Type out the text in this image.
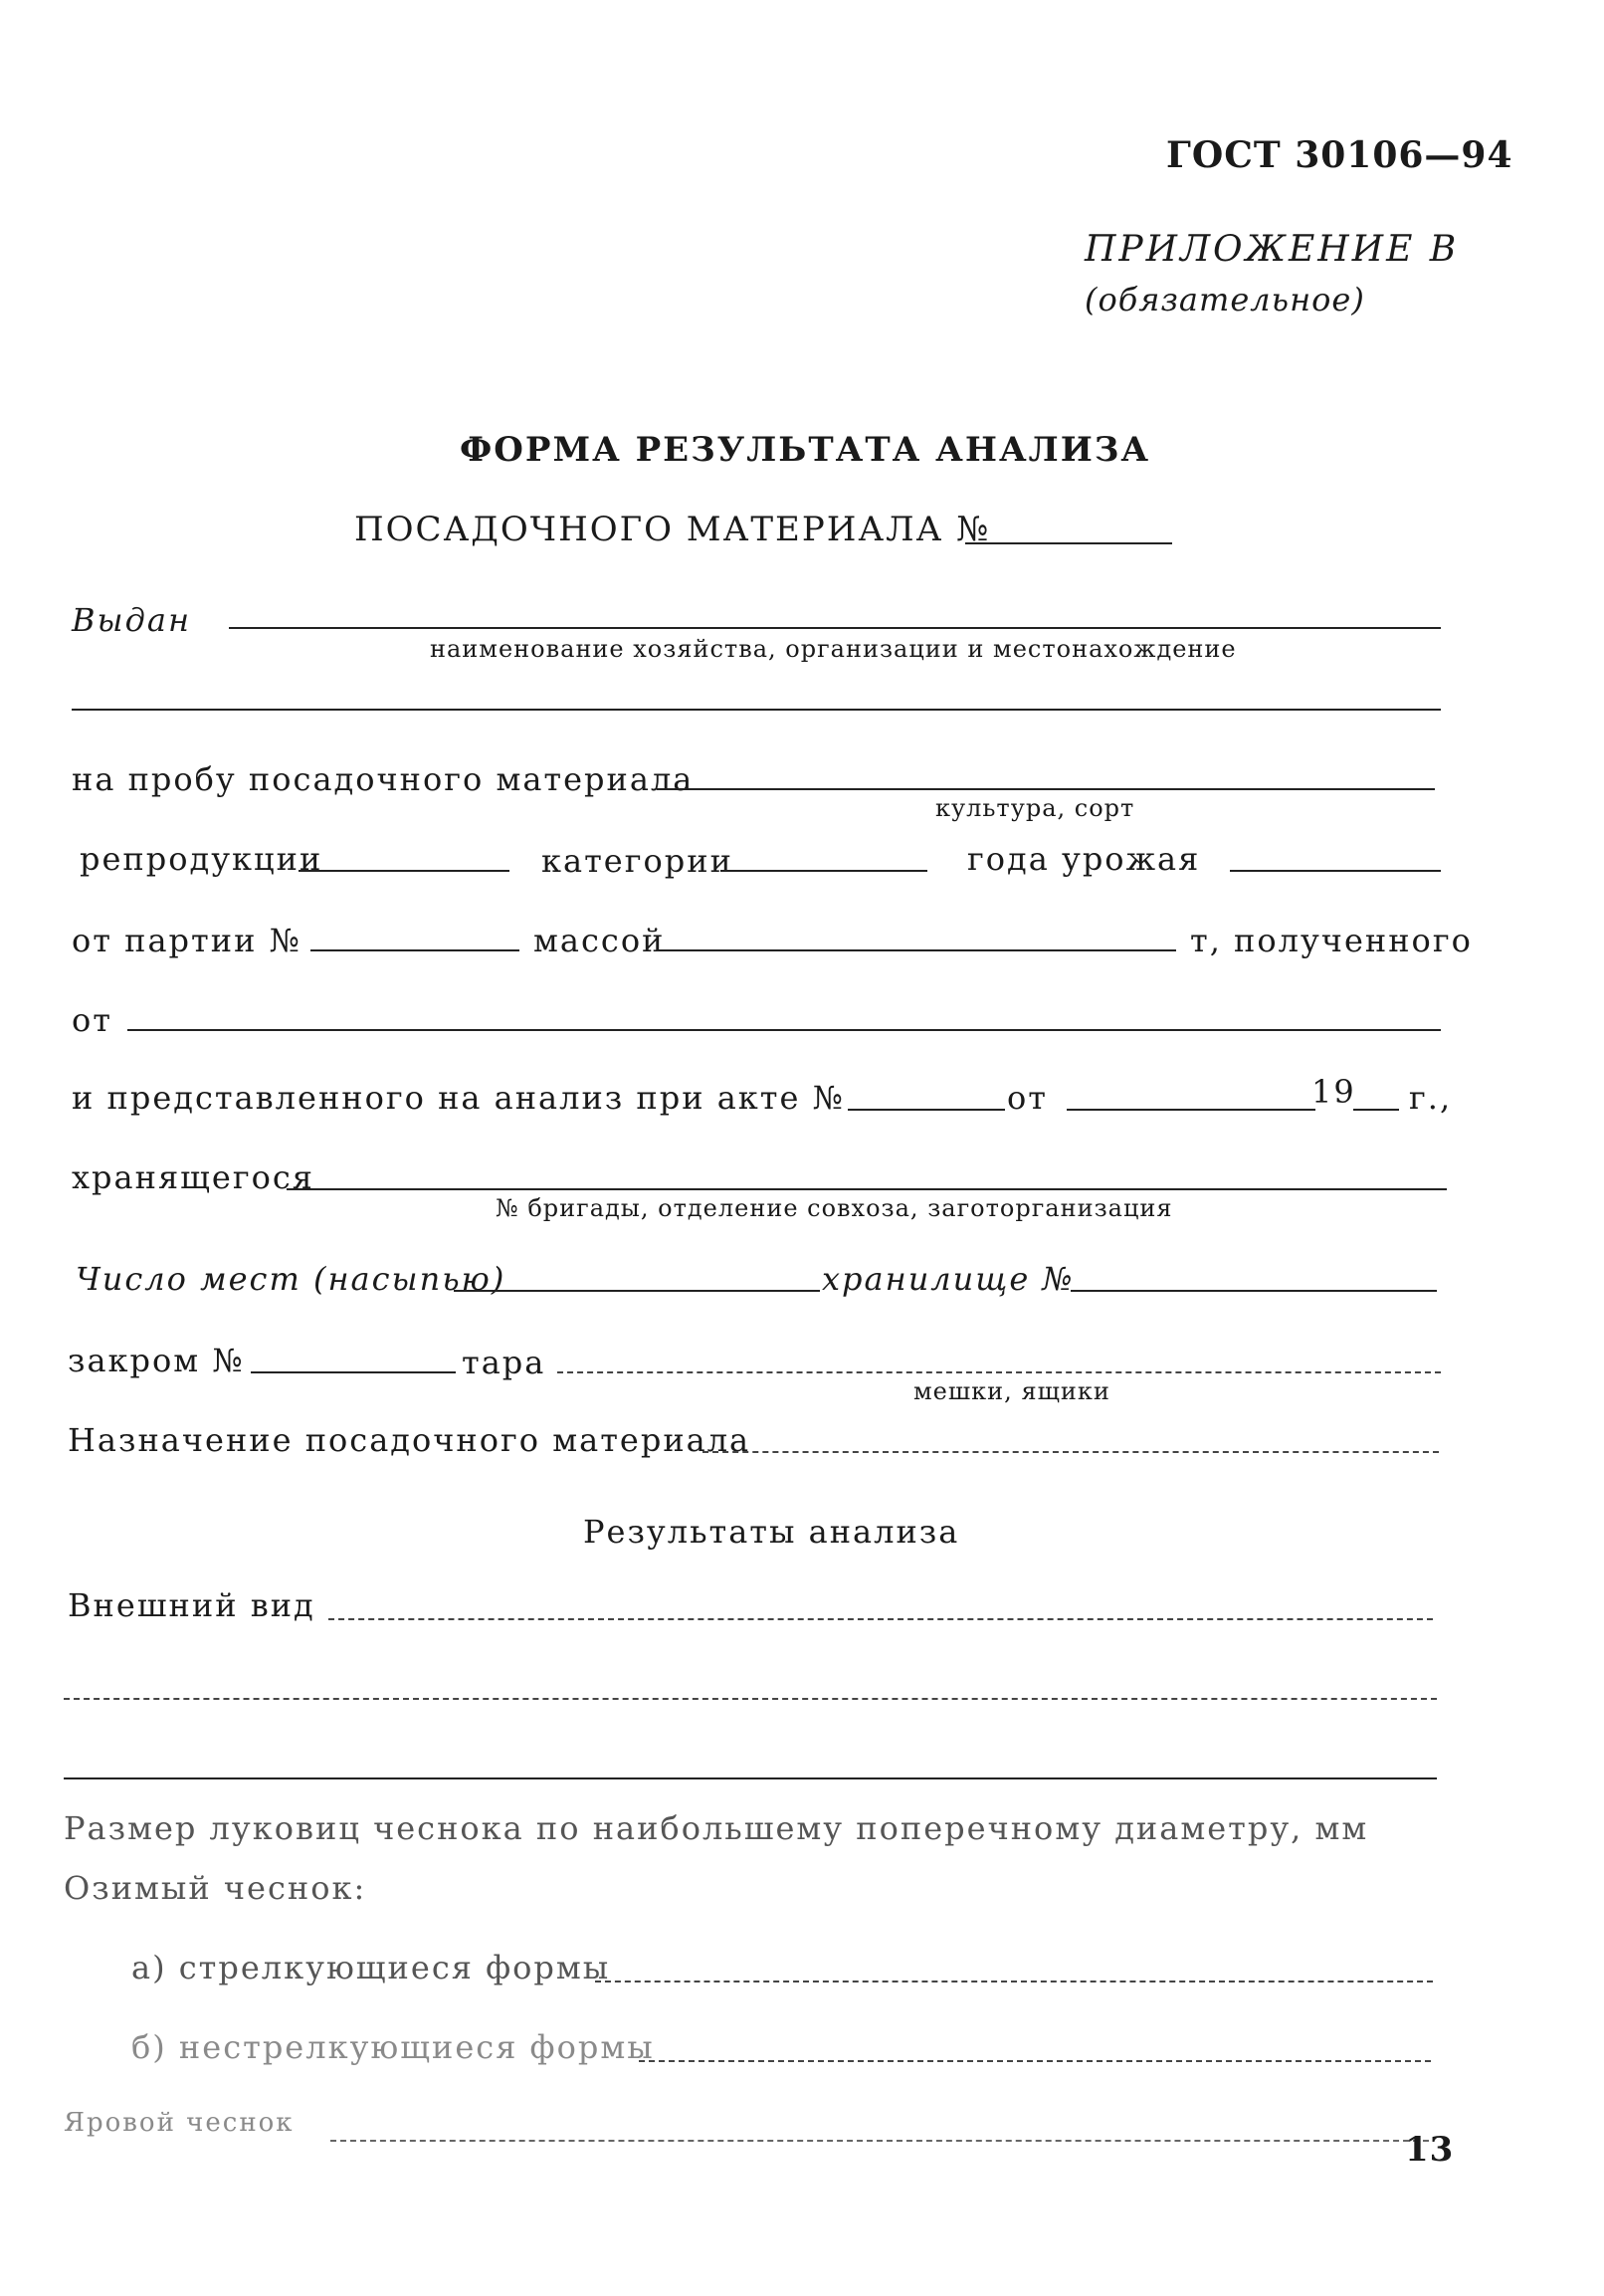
ГОСТ 30106—94
ПРИЛОЖЕНИЕ В
(обязательное)
ФОРМА РЕЗУЛЬТАТА АНАЛИЗА
ПОСАДОЧНОГО МАТЕРИАЛА №
Выдан
наименование хозяйства, организации и местонахождение
на пробу посадочного материала
культура, сорт
репродукции	категории	года урожая
от партии №	массой	т, полученного
от
и представленного на анализ при акте №	от	19 г.,
хранящегося
№ бригады, отделение совхоза, заготорганизация
Число мест (насыпью)	хранилище №
закром №	тара
мешки, ящики
Назначение посадочного материала
Результаты анализа
Внешний вид
Размер луковиц чеснока по наибольшему поперечному диаметру, мм
Озимый чеснок:
а) стрелкующиеся формы
б) нестрелкующиеся формы
Яровой чеснок
13
